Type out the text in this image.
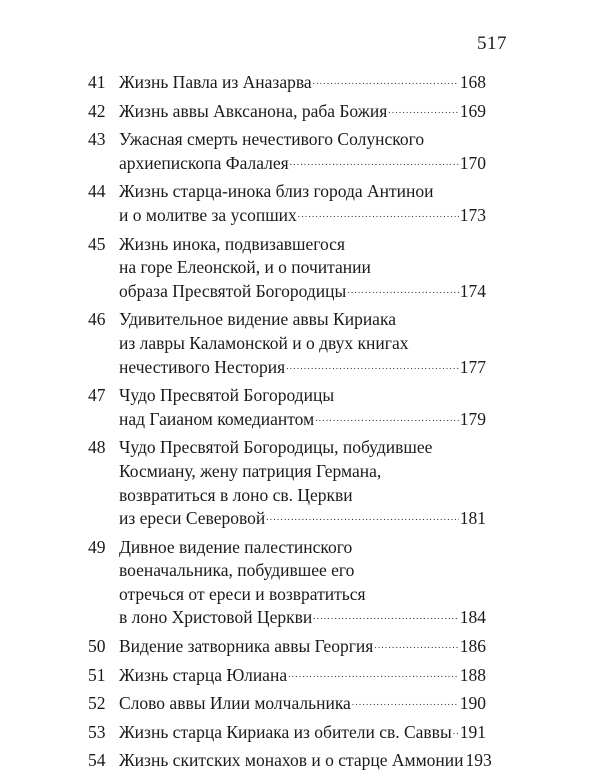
517
41 Жизнь Павла из Аназарва .....	168
42 Жизнь аввы Авксанона, раба Божия .....	169
43 Ужасная смерть нечестивого Солунского
архиепископа Фалалея .....	170
44 Жизнь старца-инока близ города Антинои
и о молитве за усопших .....	173
45 Жизнь инока, подвизавшегося
на горе Елеонской, и о почитании
образа Пресвятой Богородицы .....	174
46 Удивительное видение аввы Кириака
из лавры Каламонской и о двух книгах
нечестивого Нестория .....	177
47 Чудо Пресвятой Богородицы
над Гаианом комедиантом .....	179
48 Чудо Пресвятой Богородицы, побудившее
Космиану, жену патриция Германа,
возвратиться в лоно св. Церкви
из ереси Северовой .....	181
49 Дивное видение палестинского
военачальника, побудившее его
отречься от ереси и возвратиться
в лоно Христовой Церкви .....	184
50 Видение затворника аввы Георгия .....	186
51 Жизнь старца Юлиана .....	188
52 Слово аввы Илии молчальника .....	190
53 Жизнь старца Кириака из обители св. Саввы ..... 191
54 Жизнь скитских монахов и о старце Аммонии 193
